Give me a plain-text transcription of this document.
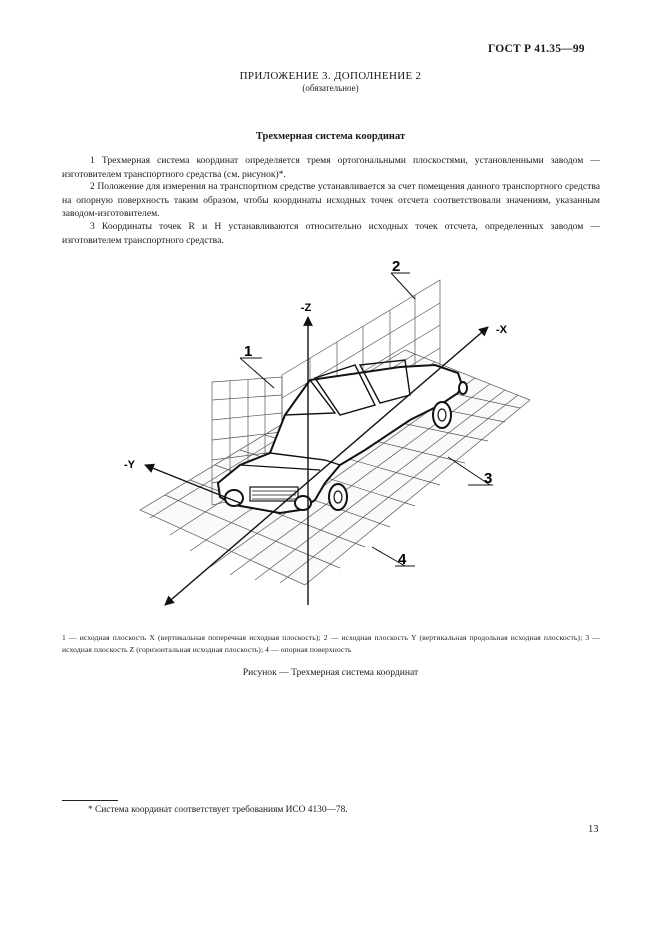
ГОСТ Р 41.35—99
ПРИЛОЖЕНИЕ 3. ДОПОЛНЕНИЕ 2
(обязательное)
Трехмерная система координат

1 Трехмерная система координат определяется тремя ортогональными плоскостями, установленными заводом — изготовителем транспортного средства (см. рисунок)*.

2 Положение для измерения на транспортном средстве устанавливается за счет помещения данного транспортного средства на опорную поверхность таким образом, чтобы координаты исходных точек отсчета соответствовали значениям, указанным заводом-изготовителем.

3 Координаты точек R и H устанавливаются относительно исходных точек отсчета, определенных заводом — изготовителем транспортного средства.

-Z
-X
-Y
1
2
3
4
1 — исходная плоскость X (вертикальная поперечная исходная плоскость); 2 — исходная плоскость Y (вертикальная продольная исходная плоскость); 3 — исходная плоскость Z (горизонтальная исходная плоскость); 4 — опорная поверхность
Рисунок — Трехмерная система координат
* Система координат соответствует требованиям ИСО 4130—78.
13
